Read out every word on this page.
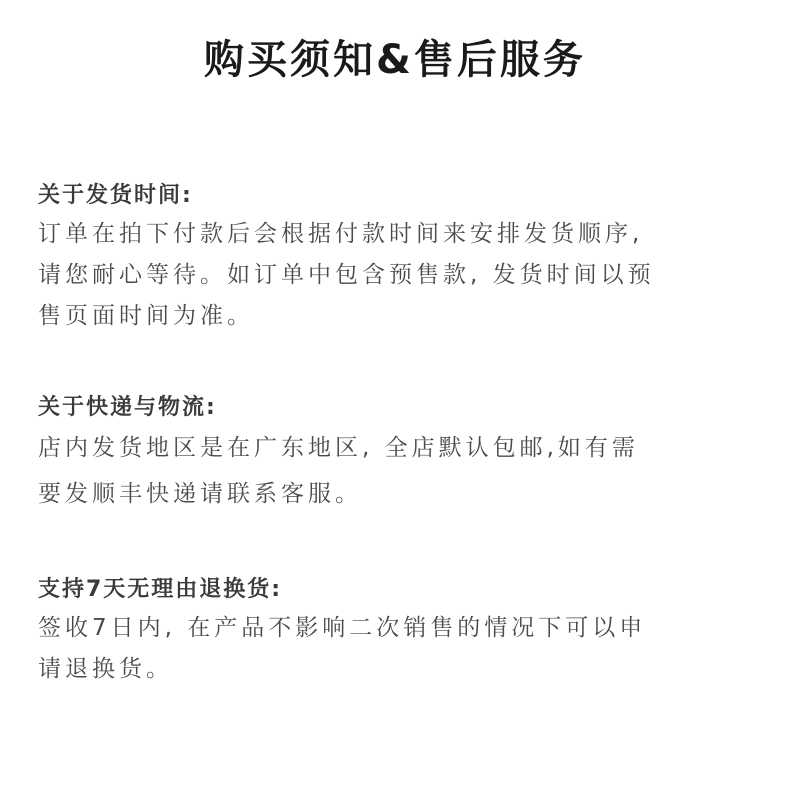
购买须知&售后服务

关于发货时间:

订单在拍下付款后会根据付款时间来安排发货顺序,

请您耐心等待。如订单中包含预售款, 发货时间以预

售页面时间为准。

关于快递与物流:

店内发货地区是在广东地区, 全店默认包邮,如有需

要发顺丰快递请联系客服。

支持7天无理由退换货:

签收7日内, 在产品不影响二次销售的情况下可以申

请退换货。
